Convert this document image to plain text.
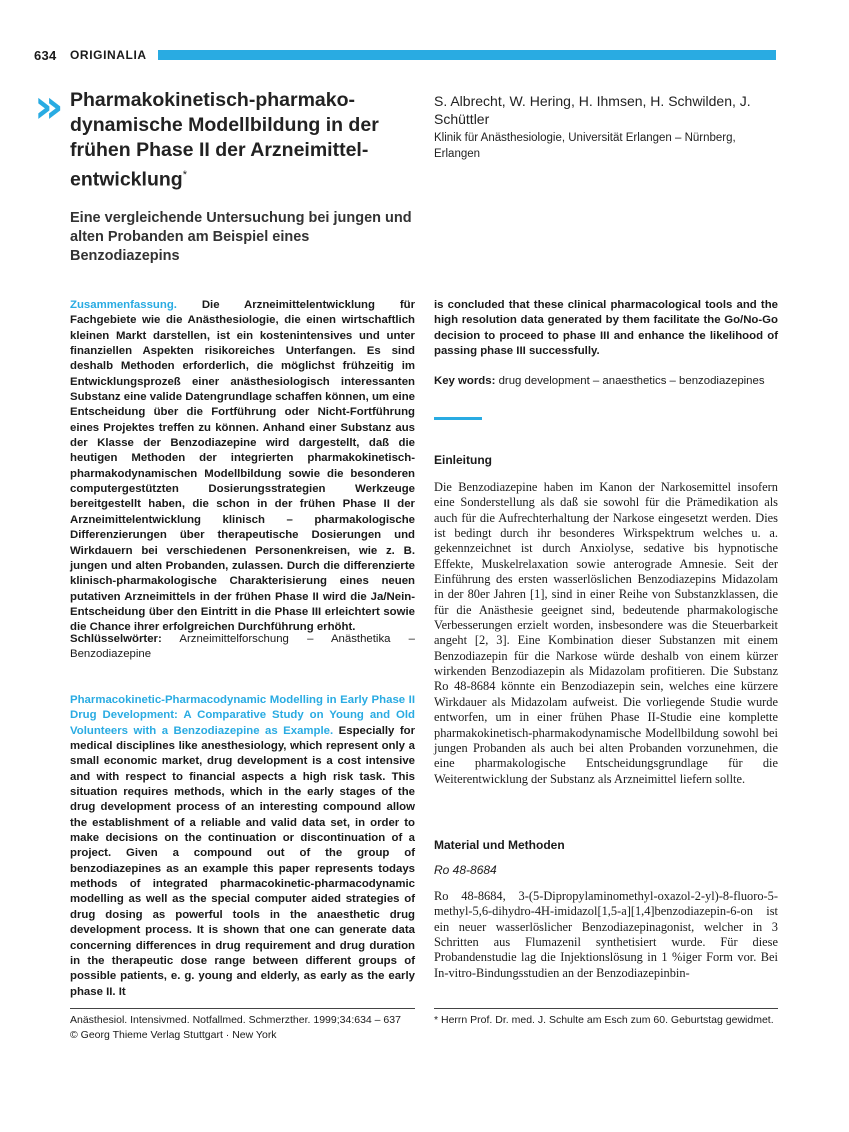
634 ORIGINALIA
» Pharmakokinetisch-pharmako-dynamische Modellbildung in der frühen Phase II der Arzneimittel-entwicklung*
Eine vergleichende Untersuchung bei jungen und alten Probanden am Beispiel eines Benzodiazepins
S. Albrecht, W. Hering, H. Ihmsen, H. Schwilden, J. Schüttler
Klinik für Anästhesiologie, Universität Erlangen – Nürnberg, Erlangen

Zusammenfassung. Die Arzneimittelentwicklung für Fachgebiete wie die Anästhesiologie, die einen wirtschaftlich kleinen Markt darstellen, ist ein kostenintensives und unter finanziellen Aspekten risikoreiches Unterfangen. Es sind deshalb Methoden erforderlich, die möglichst frühzeitig im Entwicklungsprozeß einer anästhesiologisch interessanten Substanz eine valide Datengrundlage schaffen können, um eine Entscheidung über die Fortführung oder Nicht-Fortführung eines Projektes treffen zu können. Anhand einer Substanz aus der Klasse der Benzodiazepine wird dargestellt, daß die heutigen Methoden der integrierten pharmakokinetisch-pharmakodynamischen Modellbildung sowie die besonderen computergestützten Dosierungsstrategien Werkzeuge bereitgestellt haben, die schon in der frühen Phase II der Arzneimittelentwicklung klinisch – pharmakologische Differenzierungen über therapeutische Dosierungen und Wirkdauern bei verschiedenen Personenkreisen, wie z. B. jungen und alten Probanden, zulassen. Durch die differenzierte klinisch-pharmakologische Charakterisierung eines neuen putativen Arzneimittels in der frühen Phase II wird die Ja/Nein-Entscheidung über den Eintritt in die Phase III erleichtert sowie die Chance ihrer erfolgreichen Durchführung erhöht.

Schlüsselwörter: Arzneimittelforschung – Anästhetika – Benzodiazepine

Pharmacokinetic-Pharmacodynamic Modelling in Early Phase II Drug Development: A Comparative Study on Young and Old Volunteers with a Benzodiazepine as Example. Especially for medical disciplines like anesthesiology, which represent only a small economic market, drug development is a cost intensive and with respect to financial aspects a high risk task. This situation requires methods, which in the early stages of the drug development process of an interesting compound allow the establishment of a reliable and valid data set, in order to make decisions on the continuation or discontinuation of a project. Given a compound out of the group of benzodiazepines as an example this paper represents todays methods of integrated pharmacokinetic-pharmacodynamic modelling as well as the special computer aided strategies of drug dosing as powerful tools in the anaesthetic drug development process. It is shown that one can generate data concerning differences in drug requirement and drug duration in the therapeutic dose range between different groups of possible patients, e. g. young and elderly, as early as the early phase II. It

is concluded that these clinical pharmacological tools and the high resolution data generated by them facilitate the Go/No-Go decision to proceed to phase III and enhance the likelihood of passing phase III successfully.

Key words: drug development – anaesthetics – benzodiazepines

Einleitung
Die Benzodiazepine haben im Kanon der Narkosemittel insofern eine Sonderstellung als daß sie sowohl für die Prämedikation als auch für die Aufrechterhaltung der Narkose eingesetzt werden. Dies ist bedingt durch ihr besonderes Wirkspektrum welches u. a. gekennzeichnet ist durch Anxiolyse, sedative bis hypnotische Effekte, Muskelrelaxation sowie anterograde Amnesie. Seit der Einführung des ersten wasserlöslichen Benzodiazepins Midazolam in der 80er Jahren [1], sind in einer Reihe von Substanzklassen, die für die Anästhesie geeignet sind, bedeutende pharmakologische Verbesserungen erzielt worden, insbesondere was die Steuerbarkeit angeht [2, 3]. Eine Kombination dieser Substanzen mit einem Benzodiazepin für die Narkose würde deshalb von einem kürzer wirkenden Benzodiazepin als Midazolam profitieren. Die Substanz Ro 48-8684 könnte ein Benzodiazepin sein, welches eine kürzere Wirkdauer als Midazolam aufweist. Die vorliegende Studie wurde entworfen, um in einer frühen Phase II-Studie eine komplette pharmakokinetisch-pharmakodynamische Modellbildung sowohl bei jungen Probanden als auch bei alten Probanden vorzunehmen, die eine pharmakologische Entscheidungsgrundlage für die Weiterentwicklung der Substanz als Arzneimittel liefern sollte.
Material und Methoden
Ro 48-8684
Ro 48-8684, 3-(5-Dipropylaminomethyl-oxazol-2-yl)-8-fluoro-5-methyl-5,6-dihydro-4H-imidazol[1,5-a][1,4]benzodiazepin-6-on ist ein neuer wasserlöslicher Benzodiazepinagonist, welcher in 3 Schritten aus Flumazenil synthetisiert wurde. Für diese Probandenstudie lag die Injektionslösung in 1 %iger Form vor. Bei In-vitro-Bindungsstudien an der Benzodiazepinbin-
Anästhesiol. Intensivmed. Notfallmed. Schmerzther. 1999;34:634 – 637
© Georg Thieme Verlag Stuttgart · New York
* Herrn Prof. Dr. med. J. Schulte am Esch zum 60. Geburtstag gewidmet.
